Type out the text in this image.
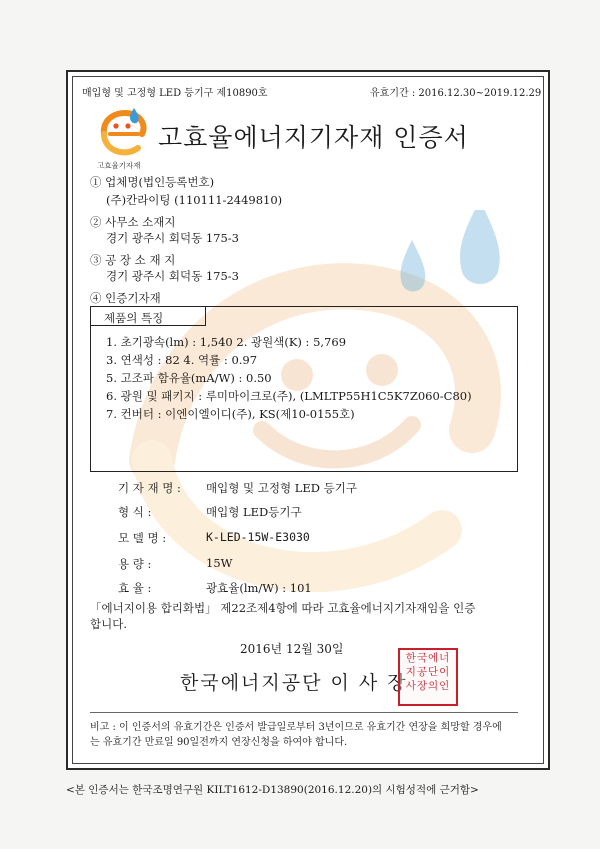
매입형 및 고정형 LED 등기구 제10890호	유효기간 : 2016.12.30~2019.12.29
고효율기자재
고효율에너지기자재 인증서
① 업체명(법인등록번호)
(주)칸라이팅 (110111-2449810)
② 사무소 소재지
경기 광주시 회덕동 175-3
③ 공 장 소 재 지
경기 광주시 회덕동 175-3
④ 인증기자재
제품의 특징
1. 초기광속(lm) : 1,540 2. 광원색(K) : 5,769
3. 연색성 : 82 4. 역률 : 0.97
5. 고조파 함유율(mA/W) : 0.50
6. 광원 및 패키지 : 루미마이크로(주), (LMLTP55H1C5K7Z060-C80)
7. 컨버터 : 이엔이엘이디(주), KS(제10-0155호)
기 자 재 명 : 매입형 및 고정형 LED 등기구
형 식 :	매입형 LED등기구
모 델 명 :	K-LED-15W-E3030
용 량 :	15W
효 율 :	광효율(lm/W) : 101
「에너지이용 합리화법」 제22조제4항에 따라 고효율에너지기자재임을 인증
합니다.
2016년 12월 30일
한국에너지공단 이 사 장
한국에너
지공단이
사장의인
비고 : 이 인증서의 유효기간은 인증서 발급일로부터 3년이므로 유효기간 연장을 희망할 경우에
는 유효기간 만료일 90일전까지 연장신청을 하여야 합니다.
<본 인증서는 한국조명연구원 KILT1612-D13890(2016.12.20)의 시험성적에 근거함>
